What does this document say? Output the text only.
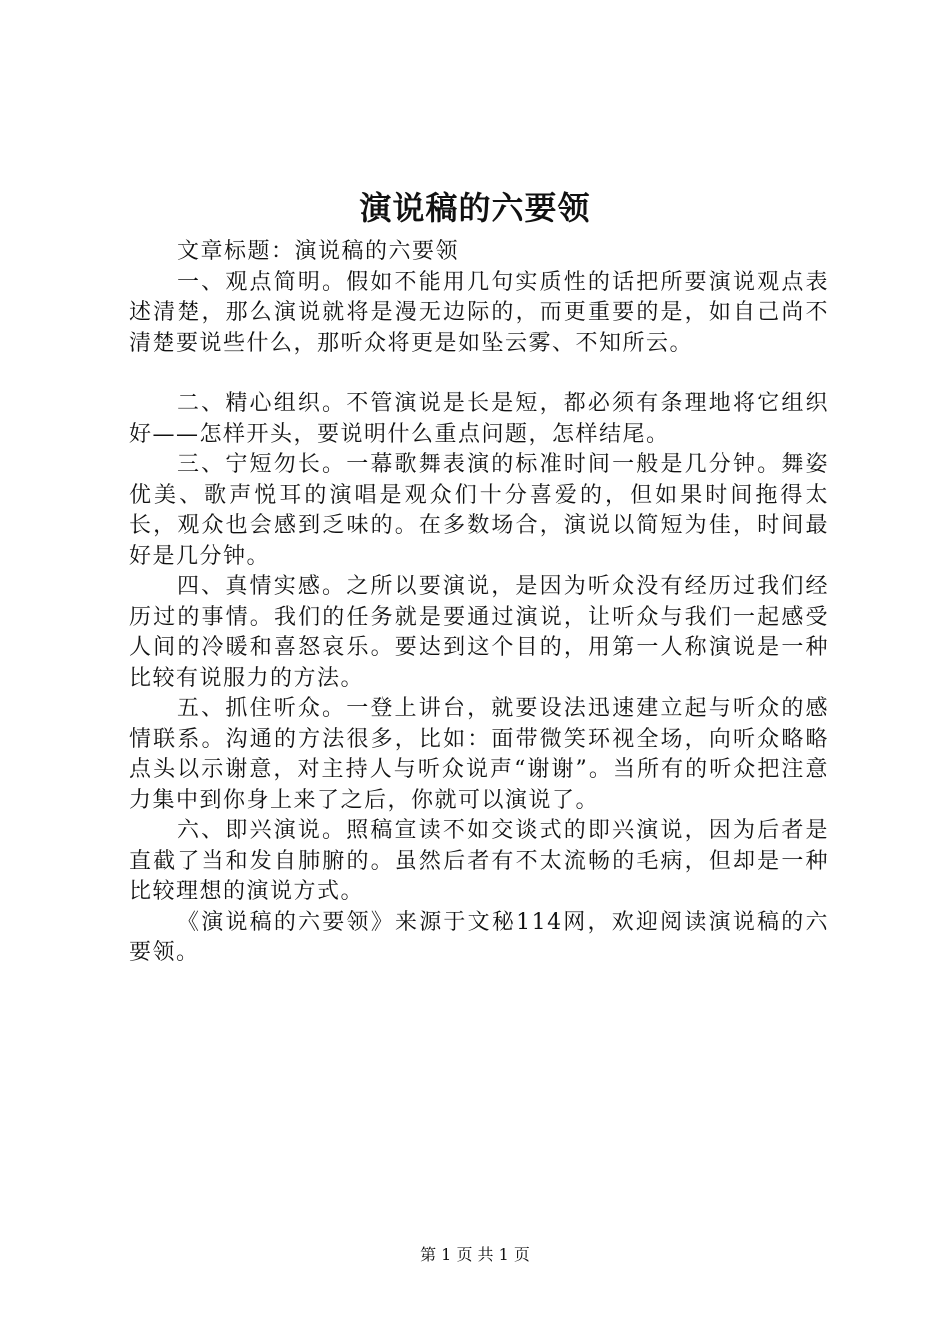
演说稿的六要领

文章标题：演说稿的六要领

一、观点简明。假如不能用几句实质性的话把所要演说观点表述清楚，那么演说就将是漫无边际的，而更重要的是，如自己尚不清楚要说些什么，那听众将更是如坠云雾、不知所云。

二、精心组织。不管演说是长是短，都必须有条理地将它组织好——怎样开头，要说明什么重点问题，怎样结尾。

三、宁短勿长。一幕歌舞表演的标准时间一般是几分钟。舞姿优美、歌声悦耳的演唱是观众们十分喜爱的，但如果时间拖得太长，观众也会感到乏味的。在多数场合，演说以简短为佳，时间最好是几分钟。

四、真情实感。之所以要演说，是因为听众没有经历过我们经历过的事情。我们的任务就是要通过演说，让听众与我们一起感受人间的冷暖和喜怒哀乐。要达到这个目的，用第一人称演说是一种比较有说服力的方法。

五、抓住听众。一登上讲台，就要设法迅速建立起与听众的感情联系。沟通的方法很多，比如：面带微笑环视全场，向听众略略点头以示谢意，对主持人与听众说声“谢谢”。当所有的听众把注意力集中到你身上来了之后，你就可以演说了。

六、即兴演说。照稿宣读不如交谈式的即兴演说，因为后者是直截了当和发自肺腑的。虽然后者有不太流畅的毛病，但却是一种比较理想的演说方式。

《演说稿的六要领》来源于文秘114网，欢迎阅读演说稿的六要领。

第 1 页 共 1 页
